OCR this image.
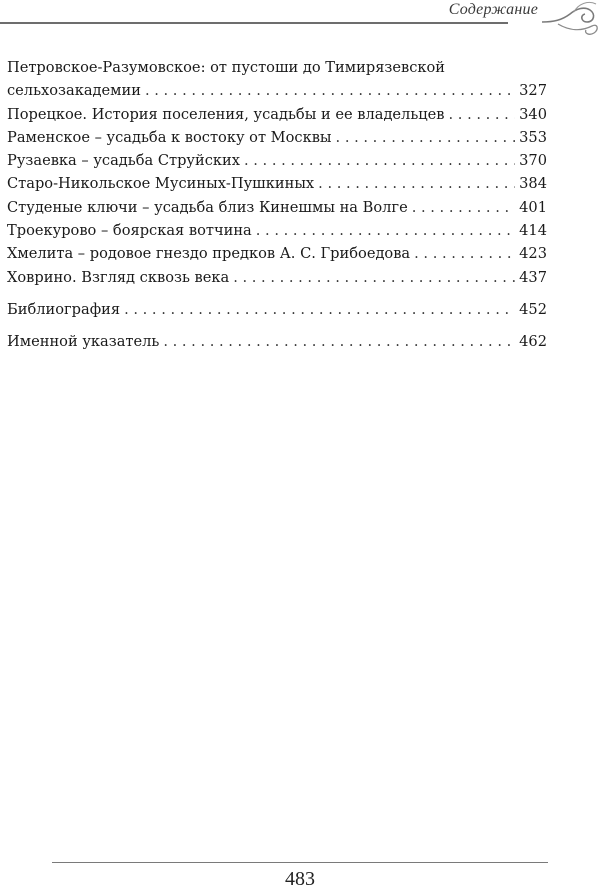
Содержание
Петровское-Разумовское: от пустоши до Тимирязевской
сельхозакадемии . . .	327
Порецкое. История поселения, усадьбы и ее владельцев . . .	340
Раменское – усадьба к востоку от Москвы . . .	353
Рузаевка – усадьба Струйских . . .	370
Старо-Никольское Мусиных-Пушкиных . . .	384
Студеные ключи – усадьба близ Кинешмы на Волге . . .	401
Троекурово – боярская вотчина . . .	414
Хмелита – родовое гнездо предков А. С. Грибоедова . . .	423
Ховрино. Взгляд сквозь века . . .	437
Библиография . . .	452
Именной указатель . . .	462
483
